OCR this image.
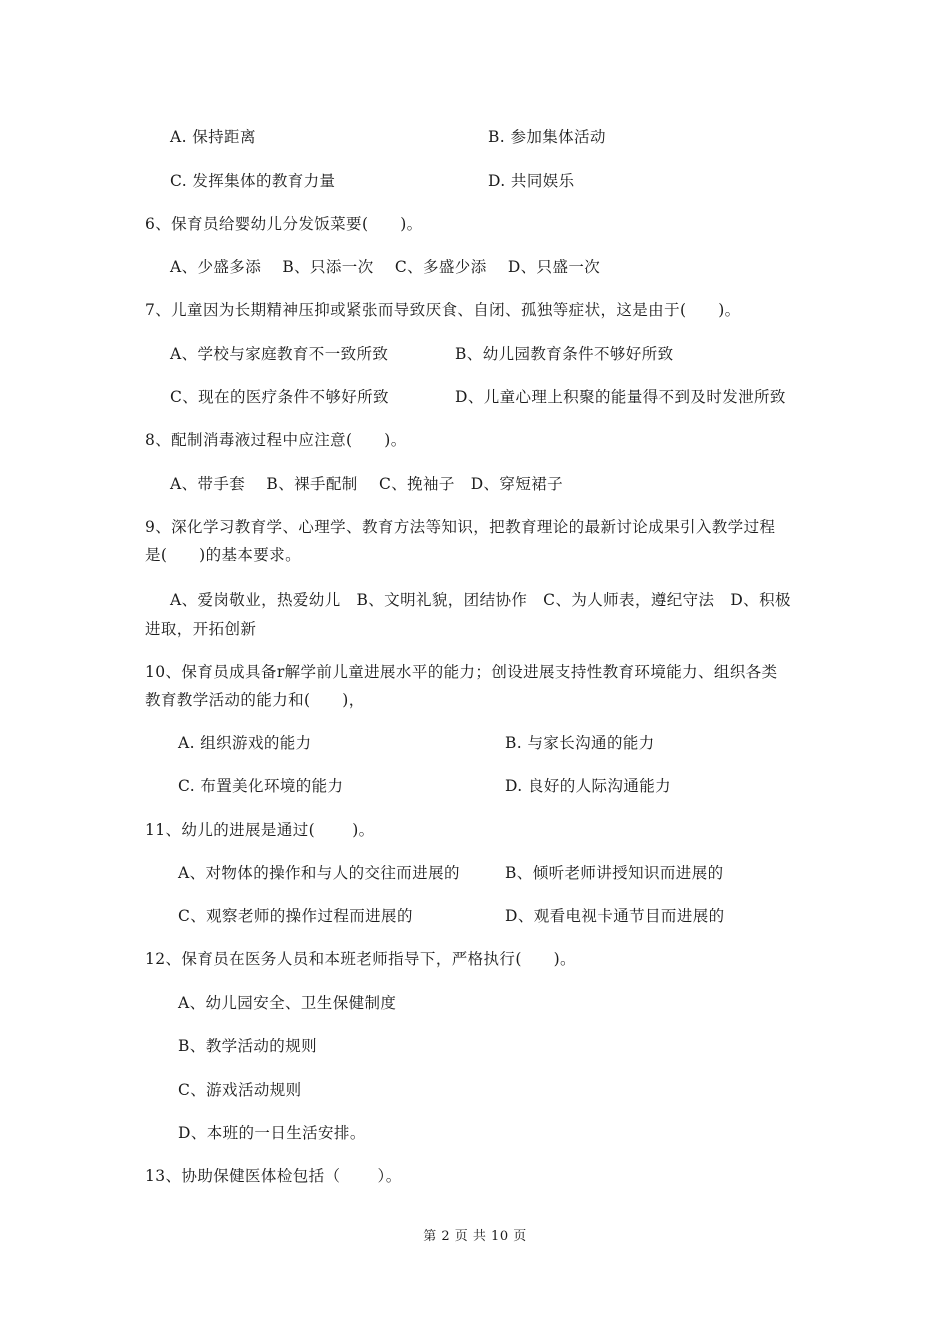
A. 保持距离	B. 参加集体活动
C. 发挥集体的教育力量	D. 共同娱乐
6、保育员给婴幼儿分发饭菜要(　　)。
A、少盛多添　 B、只添一次　 C、多盛少添　 D、只盛一次
7、儿童因为长期精神压抑或紧张而导致厌食、自闭、孤独等症状，这是由于(　　)。
A、学校与家庭教育不一致所致	B、幼儿园教育条件不够好所致
C、现在的医疗条件不够好所致	D、儿童心理上积聚的能量得不到及时发泄所致
8、配制消毒液过程中应注意(　　)。
A、带手套　 B、裸手配制　 C、挽袖子　D、穿短裙子
9、深化学习教育学、心理学、教育方法等知识，把教育理论的最新讨论成果引入教学过程
是(　　)的基本要求。
A、爱岗敬业，热爱幼儿　B、文明礼貌，团结协作　C、为人师表，遵纪守法　D、积极
进取，开拓创新
10、保育员成具备r解学前儿童进展水平的能力；创设进展支持性教育环境能力、组织各类
教育教学活动的能力和(　　)，
A. 组织游戏的能力	B. 与家长沟通的能力
C. 布置美化环境的能力	D. 良好的人际沟通能力
11、幼儿的进展是通过(　　 )。
A、对物体的操作和与人的交往而进展的	B、倾听老师讲授知识而进展的
C、观察老师的操作过程而进展的	D、观看电视卡通节目而进展的
12、保育员在医务人员和本班老师指导下，严格执行(　　)。
A、幼儿园安全、卫生保健制度
B、教学活动的规则
C、游戏活动规则
D、本班的一日生活安排。
13、协助保健医体检包括（　　 ）。
第 2 页 共 10 页
